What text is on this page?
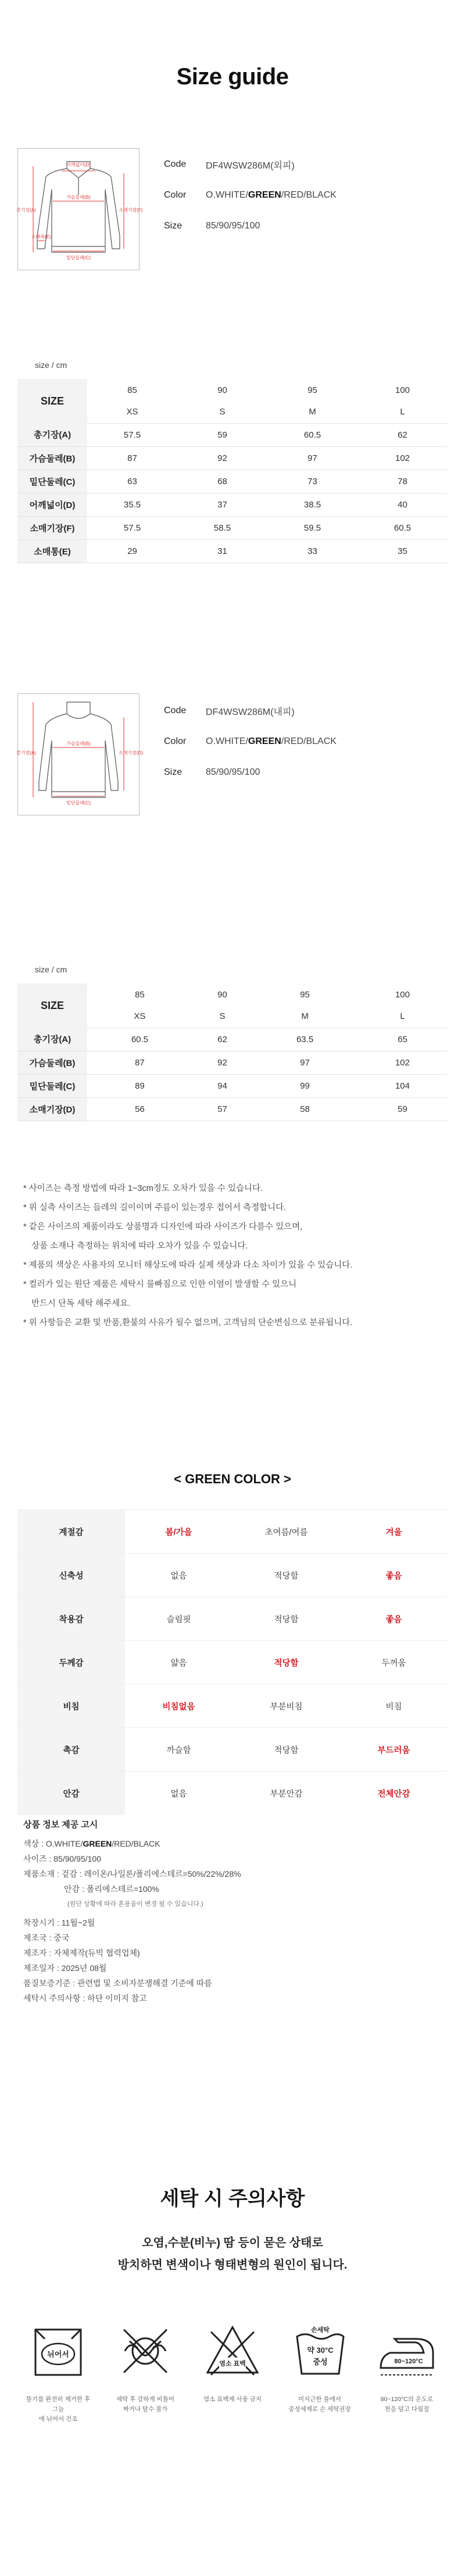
Size guide
어깨넓이(D)
가슴둘레(B)
밑단둘레(C)
총기장(A)	소매기장(F)
소매폭(E)
Code	DF4WSW286M(외피)
Color	O.WHITE/GREEN/RED/BLACK
Size	85/90/95/100
size / cm
SIZE	85	90	95	100
	XS	S	M	L
총기장(A)	57.5	59	60.5	62
가슴둘레(B)	87	92	97	102
밑단둘레(C)	63	68	73	78
어깨넓이(D)	35.5	37	38.5	40
소매기장(F)	57.5	58.5	59.5	60.5
소매통(E)	29	31	33	35
가슴둘레(B)
밑단둘레(C)
총기장(A)	소매기장(D)
Code	DF4WSW286M(내피)
Color	O.WHITE/GREEN/RED/BLACK
Size	85/90/95/100
size / cm
SIZE	85	90	95	100
	XS	S	M	L
총기장(A)	60.5	62	63.5	65
가슴둘레(B)	87	92	97	102
밑단둘레(C)	89	94	99	104
소매기장(D)	56	57	58	59

* 사이즈는 측정 방법에 따라 1~3cm정도 오차가 있을 수 있습니다.

* 위 실측 사이즈는 들레의 길이이며 주름이 있는경우 접어서 측정합니다.

* 같은 사이즈의 제품이라도 상품명과 디자인에 따라 사이즈가 다를수 있으며,

상품 소재나 측정하는 위치에 따라 오차가 있을 수 있습니다.

* 제품의 색상은 사용자의 모니터 해상도에 따라 실제 색상과 다소 차이가 있을 수 있습니다.

* 컬러가 있는 원단 제품은 세탁시 물빠짐으로 인한 이염이 발생할 수 있으니

반드시 단독 세탁 해주세요.

* 위 사항들은 교환 및 반품,환불의 사유가 될수 없으며, 고객님의 단순변심으로 분류됩니다.

< GREEN COLOR >
계절감	봄/가을	초여름/여름	겨울
신축성	없음	적당함	좋음
착용감	슬림핏	적당함	좋음
두께감	얇음	적당함	두꺼움
비침	비침없음	부분비침	비침
촉감	까슬함	적당함	부드러움
안감	없음	부분안감	전체안감
상품 정보 제공 고시

색상 : O.WHITE/GREEN/RED/BLACK

사이즈 : 85/90/95/100

제품소재 : 겉감 : 레이온/나일론/폴리에스테르=50%/22%/28%

안감 : 폴리에스테르=100%

(원단 상황에 따라 혼용율이 변경 될 수 있습니다.)

착장시기 : 11월~2월

제조국 : 중국

제조자 : 자체제작(듀빅 협력업체)

제조일자 : 2025년 08월

품질보증기준 : 관련법 및 소비자분쟁해결 기준에 따름

세탁시 주의사항 : 하단 이미지 참고

세탁 시 주의사항
오염,수분(비누) 땀 등이 묻은 상태로
방치하면 변색이나 형태변형의 원인이 됩니다.
뉘어서
뜰기를 완전히 제거한 후 그늘
에 뉘어서 건조
세탁 후 강하게 비틀어
짜거나 탈수 불가
염소 표백
염소 표백제 사용 금지
손세탁
약 30°C
중성
미지근한 물에서
중성세제로 손 세탁권장
80~120°C
80~120°C의 온도로
천을 덮고 다림질
